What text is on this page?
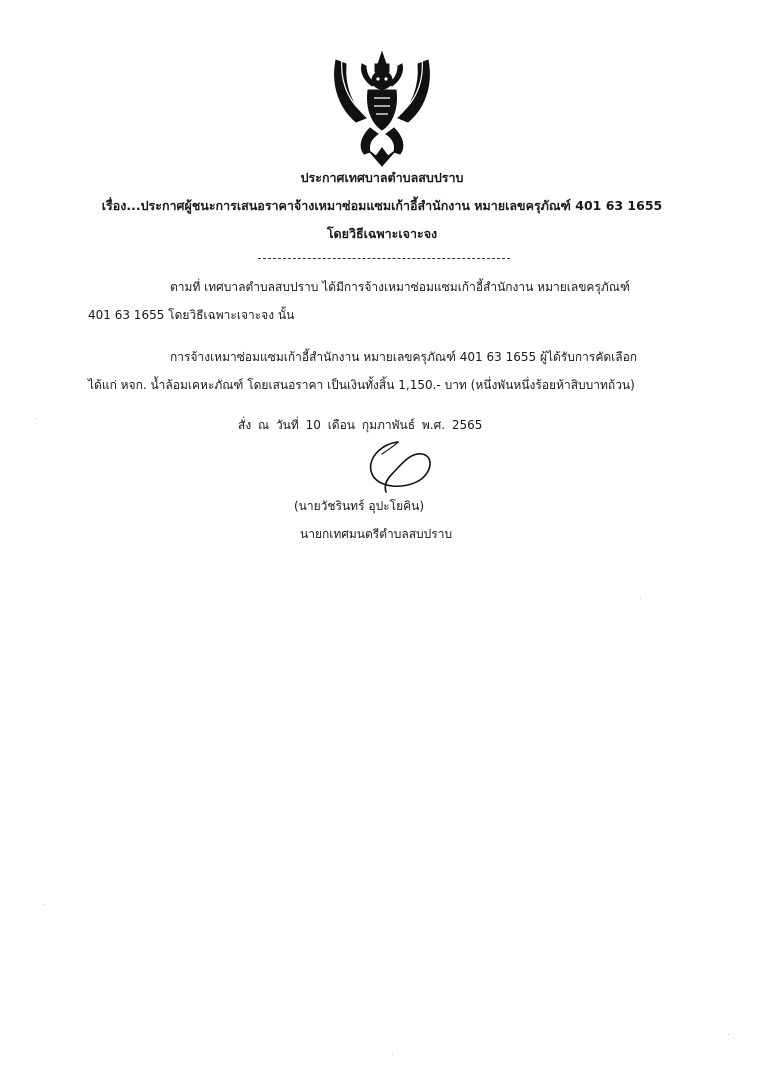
ประกาศเทศบาลตำบลสบปราบ
เรื่อง...ประกาศผู้ชนะการเสนอราคาจ้างเหมาซ่อมแซมเก้าอี้สำนักงาน หมายเลขครุภัณฑ์ 401 63 1655
โดยวิธีเฉพาะเจาะจง
ตามที่ เทศบาลตำบลสบปราบ ได้มีการจ้างเหมาซ่อมแซมเก้าอี้สำนักงาน หมายเลขครุภัณฑ์
401 63 1655 โดยวิธีเฉพาะเจาะจง นั้น
การจ้างเหมาซ่อมแซมเก้าอี้สำนักงาน หมายเลขครุภัณฑ์ 401 63 1655 ผู้ได้รับการคัดเลือก
ได้แก่ หจก. น้ำล้อมเคหะภัณฑ์ โดยเสนอราคา เป็นเงินทั้งสิ้น 1,150.- บาท (หนึ่งพันหนึ่งร้อยห้าสิบบาทถ้วน)
สั่ง ณ วันที่ 10 เดือน กุมภาพันธ์ พ.ศ. 2565
(นายวัชรินทร์ อุปะโยคิน)
นายกเทศมนตรีตำบลสบปราบ
